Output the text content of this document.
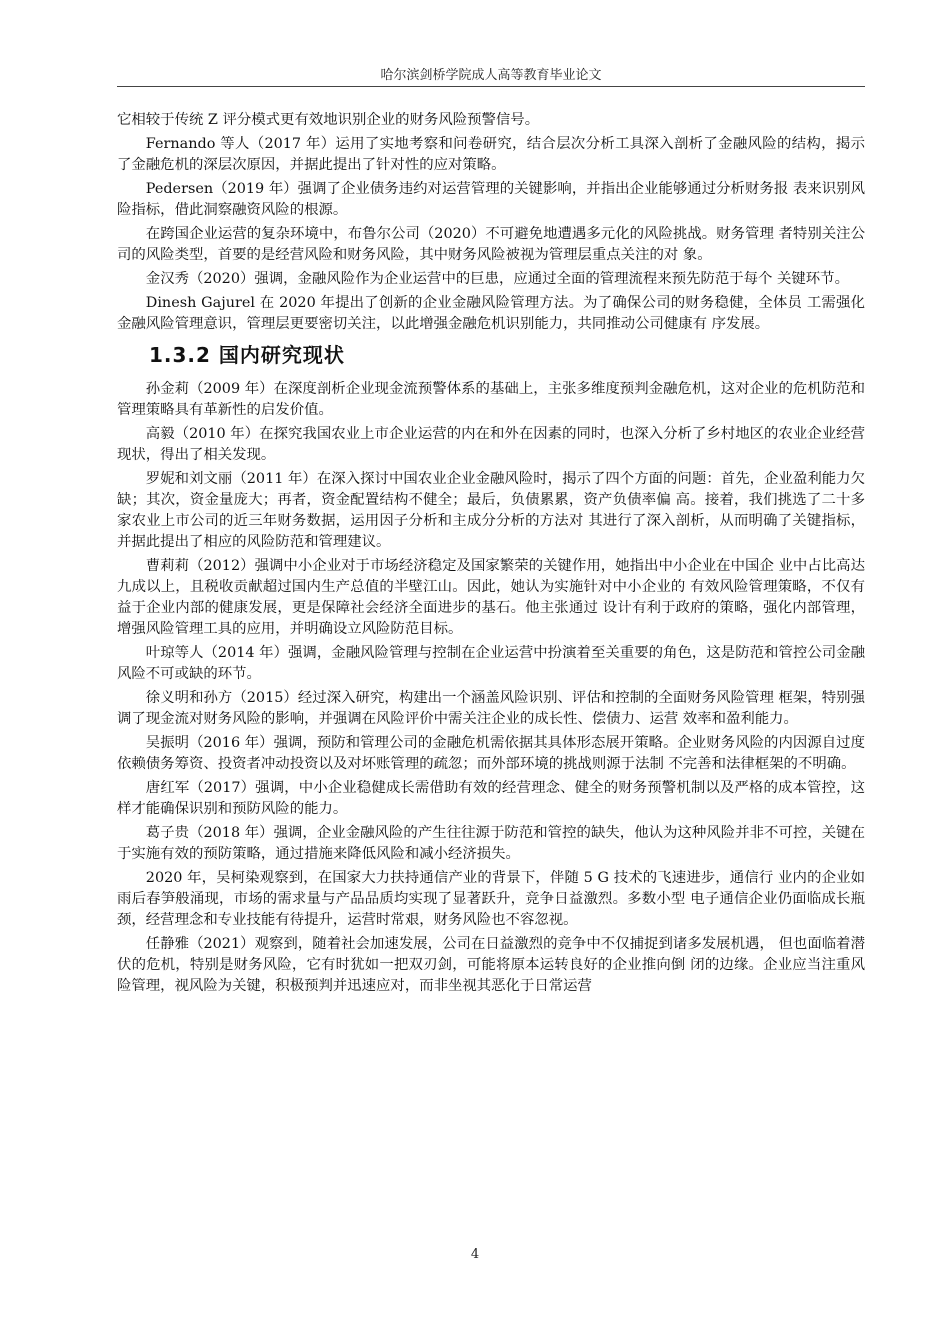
哈尔滨剑桥学院成人高等教育毕业论文

它相较于传统 Z 评分模式更有效地识别企业的财务风险预警信号。

Fernando 等人（2017 年）运用了实地考察和问卷研究，结合层次分析工具深入剖析了金融风险的结构，揭示了金融危机的深层次原因，并据此提出了针对性的应对策略。

Pedersen（2019 年）强调了企业债务违约对运营管理的关键影响，并指出企业能够通过分析财务报 表来识别风险指标，借此洞察融资风险的根源。

在跨国企业运营的复杂环境中，布鲁尔公司（2020）不可避免地遭遇多元化的风险挑战。财务管理 者特别关注公司的风险类型，首要的是经营风险和财务风险，其中财务风险被视为管理层重点关注的对 象。

金汉秀（2020）强调，金融风险作为企业运营中的巨患，应通过全面的管理流程来预先防范于每个 关键环节。

Dinesh Gajurel 在 2020 年提出了创新的企业金融风险管理方法。为了确保公司的财务稳健，全体员 工需强化金融风险管理意识，管理层更要密切关注，以此增强金融危机识别能力，共同推动公司健康有 序发展。

1.3.2 国内研究现状

孙金莉（2009 年）在深度剖析企业现金流预警体系的基础上，主张多维度预判金融危机，这对企业的危机防范和管理策略具有革新性的启发价值。

高毅（2010 年）在探究我国农业上市企业运营的内在和外在因素的同时，也深入分析了乡村地区的农业企业经营现状，得出了相关发现。

罗妮和刘文丽（2011 年）在深入探讨中国农业企业金融风险时，揭示了四个方面的问题：首先，企业盈利能力欠缺；其次，资金量庞大；再者，资金配置结构不健全；最后，负债累累，资产负债率偏 高。接着，我们挑选了二十多家农业上市公司的近三年财务数据，运用因子分析和主成分分析的方法对 其进行了深入剖析，从而明确了关键指标，并据此提出了相应的风险防范和管理建议。

曹莉莉（2012）强调中小企业对于市场经济稳定及国家繁荣的关键作用，她指出中小企业在中国企 业中占比高达九成以上，且税收贡献超过国内生产总值的半壁江山。因此，她认为实施针对中小企业的 有效风险管理策略，不仅有益于企业内部的健康发展，更是保障社会经济全面进步的基石。他主张通过 设计有利于政府的策略，强化内部管理，增强风险管理工具的应用，并明确设立风险防范目标。

叶琼等人（2014 年）强调，金融风险管理与控制在企业运营中扮演着至关重要的角色，这是防范和管控公司金融风险不可或缺的环节。

徐义明和孙方（2015）经过深入研究，构建出一个涵盖风险识别、评估和控制的全面财务风险管理 框架，特别强调了现金流对财务风险的影响，并强调在风险评价中需关注企业的成长性、偿债力、运营 效率和盈利能力。

吴振明（2016 年）强调，预防和管理公司的金融危机需依据其具体形态展开策略。企业财务风险的内因源自过度依赖债务筹资、投资者冲动投资以及对坏账管理的疏忽；而外部环境的挑战则源于法制 不完善和法律框架的不明确。

唐红军（2017）强调，中小企业稳健成长需借助有效的经营理念、健全的财务预警机制以及严格的成本管控，这样才能确保识别和预防风险的能力。

葛子贵（2018 年）强调，企业金融风险的产生往往源于防范和管控的缺失，他认为这种风险并非不可控，关键在于实施有效的预防策略，通过措施来降低风险和减小经济损失。

2020 年，吴柯染观察到，在国家大力扶持通信产业的背景下，伴随 5 G 技术的飞速进步，通信行 业内的企业如雨后春笋般涌现，市场的需求量与产品品质均实现了显著跃升，竞争日益激烈。多数小型 电子通信企业仍面临成长瓶颈，经营理念和专业技能有待提升，运营时常艰，财务风险也不容忽视。

任静雅（2021）观察到，随着社会加速发展，公司在日益激烈的竞争中不仅捕捉到诸多发展机遇， 但也面临着潜伏的危机，特别是财务风险，它有时犹如一把双刃剑，可能将原本运转良好的企业推向倒 闭的边缘。企业应当注重风险管理，视风险为关键，积极预判并迅速应对，而非坐视其恶化于日常运营

4
